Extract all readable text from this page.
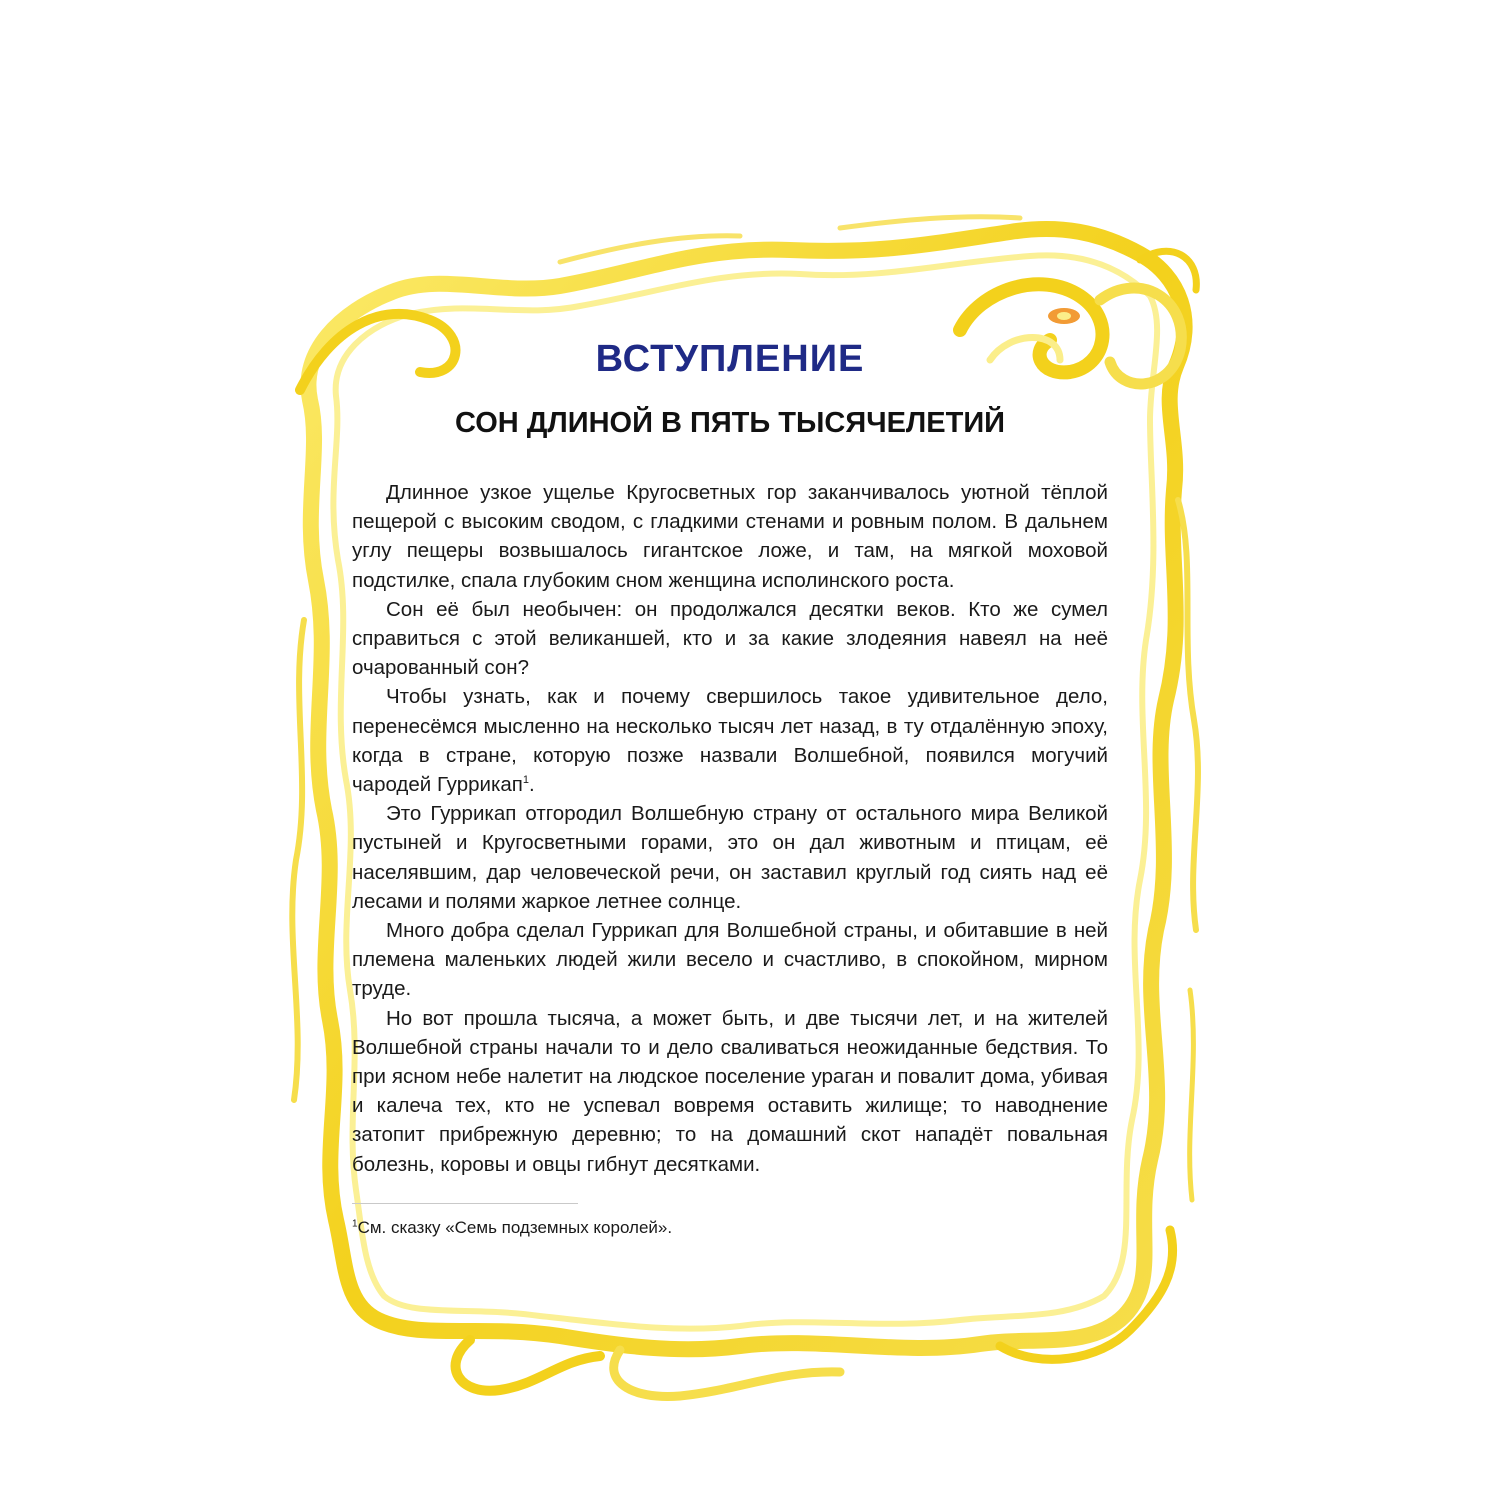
ВСТУПЛЕНИЕ
СОН ДЛИНОЙ В ПЯТЬ ТЫСЯЧЕЛЕТИЙ

Длинное узкое ущелье Кругосветных гор заканчивалось уютной тёплой пещерой с высоким сводом, с гладкими стенами и ровным полом. В дальнем углу пещеры возвышалось гигантское ложе, и там, на мягкой моховой подстилке, спала глубоким сном женщина исполинского роста.

Сон её был необычен: он продолжался десятки веков. Кто же сумел справиться с этой великаншей, кто и за какие злодеяния навеял на неё очарованный сон?

Чтобы узнать, как и почему свершилось такое удивительное дело, перенесёмся мысленно на несколько тысяч лет назад, в ту отдалённую эпоху, когда в стране, которую позже назвали Волшебной, появился могучий чародей Гуррикап$^1$.

Это Гуррикап отгородил Волшебную страну от остального мира Великой пустыней и Кругосветными горами, это он дал животным и птицам, её населявшим, дар человеческой речи, он заставил круглый год сиять над её лесами и полями жаркое летнее солнце.

Много добра сделал Гуррикап для Волшебной страны, и обитавшие в ней племена маленьких людей жили весело и счастливо, в спокойном, мирном труде.

Но вот прошла тысяча, а может быть, и две тысячи лет, и на жителей Волшебной страны начали то и дело сваливаться неожиданные бедствия. То при ясном небе налетит на людское поселение ураган и повалит дома, убивая и калеча тех, кто не успевал вовремя оставить жилище; то наводнение затопит прибрежную деревню; то на домашний скот нападёт повальная болезнь, коровы и овцы гибнут десятками.

$^1$См. сказку «Семь подземных королей».
